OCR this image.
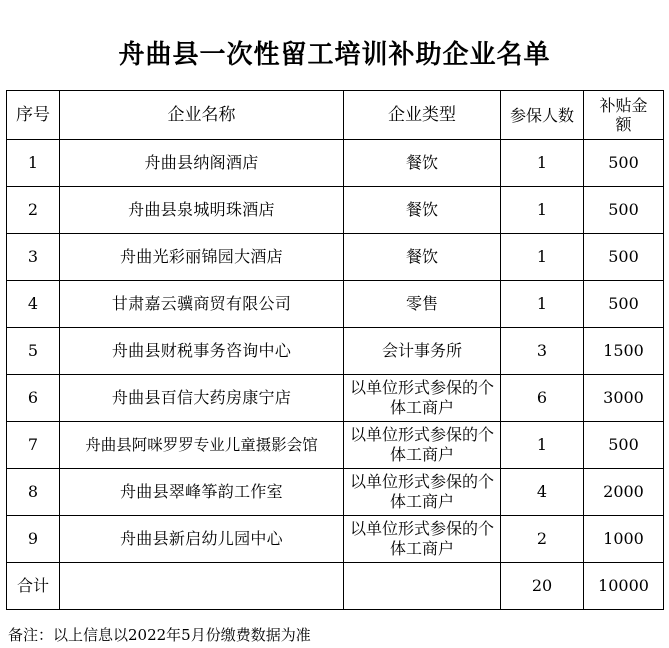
舟曲县一次性留工培训补助企业名单
序号	企业名称	企业类型	参保人数	补贴金额
1	舟曲县纳阁酒店	餐饮	1	500
2	舟曲县泉城明珠酒店	餐饮	1	500
3	舟曲光彩丽锦园大酒店	餐饮	1	500
4	甘肃嘉云骥商贸有限公司	零售	1	500
5	舟曲县财税事务咨询中心	会计事务所	3	1500
6	舟曲县百信大药房康宁店	以单位形式参保的个体工商户	6	3000
7	舟曲县阿咪罗罗专业儿童摄影会馆	以单位形式参保的个体工商户	1	500
8	舟曲县翠峰筝韵工作室	以单位形式参保的个体工商户	4	2000
9	舟曲县新启幼儿园中心	以单位形式参保的个体工商户	2	1000
合计			20	10000
备注：以上信息以2022年5月份缴费数据为准
